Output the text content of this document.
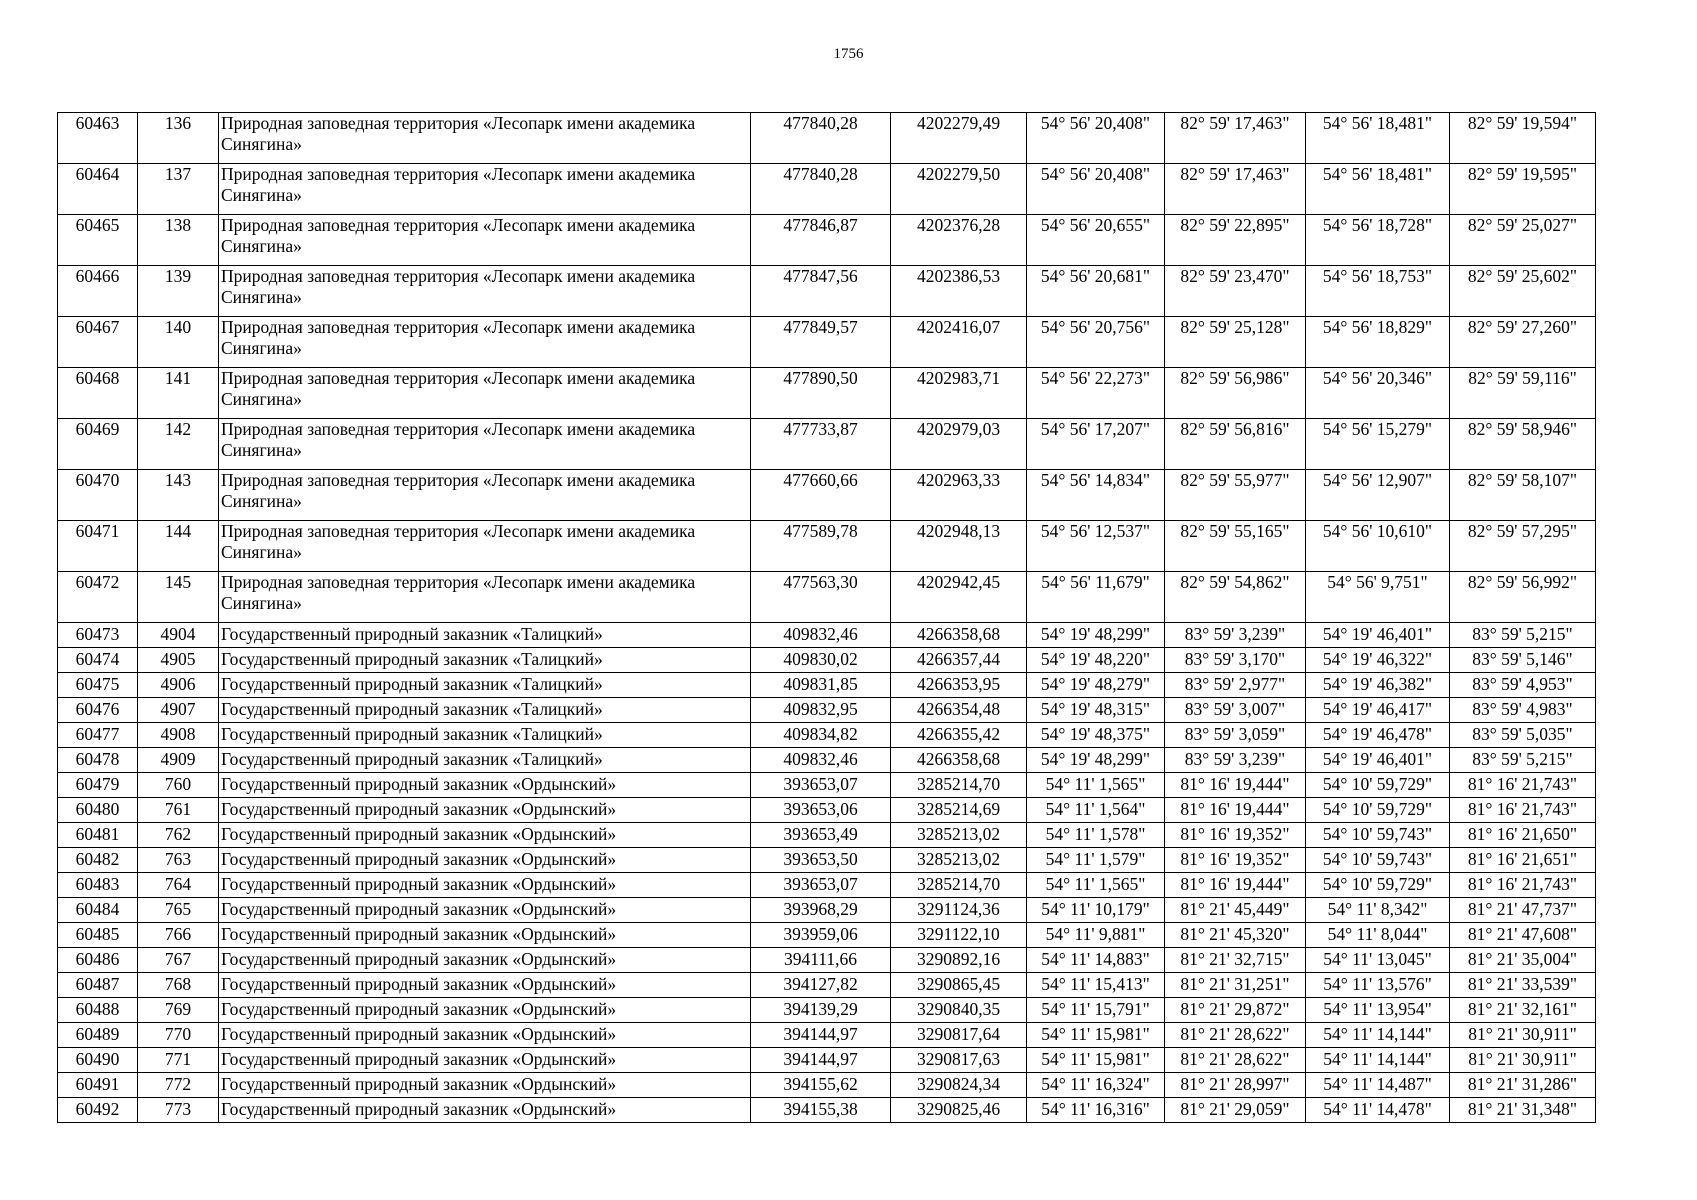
1756
60463	136	Природная заповедная территория «Лесопарк имени академика Синягина»	477840,28	4202279,49	54° 56' 20,408"	82° 59' 17,463"	54° 56' 18,481"	82° 59' 19,594"
60464	137	Природная заповедная территория «Лесопарк имени академика Синягина»	477840,28	4202279,50	54° 56' 20,408"	82° 59' 17,463"	54° 56' 18,481"	82° 59' 19,595"
60465	138	Природная заповедная территория «Лесопарк имени академика Синягина»	477846,87	4202376,28	54° 56' 20,655"	82° 59' 22,895"	54° 56' 18,728"	82° 59' 25,027"
60466	139	Природная заповедная территория «Лесопарк имени академика Синягина»	477847,56	4202386,53	54° 56' 20,681"	82° 59' 23,470"	54° 56' 18,753"	82° 59' 25,602"
60467	140	Природная заповедная территория «Лесопарк имени академика Синягина»	477849,57	4202416,07	54° 56' 20,756"	82° 59' 25,128"	54° 56' 18,829"	82° 59' 27,260"
60468	141	Природная заповедная территория «Лесопарк имени академика Синягина»	477890,50	4202983,71	54° 56' 22,273"	82° 59' 56,986"	54° 56' 20,346"	82° 59' 59,116"
60469	142	Природная заповедная территория «Лесопарк имени академика Синягина»	477733,87	4202979,03	54° 56' 17,207"	82° 59' 56,816"	54° 56' 15,279"	82° 59' 58,946"
60470	143	Природная заповедная территория «Лесопарк имени академика Синягина»	477660,66	4202963,33	54° 56' 14,834"	82° 59' 55,977"	54° 56' 12,907"	82° 59' 58,107"
60471	144	Природная заповедная территория «Лесопарк имени академика Синягина»	477589,78	4202948,13	54° 56' 12,537"	82° 59' 55,165"	54° 56' 10,610"	82° 59' 57,295"
60472	145	Природная заповедная территория «Лесопарк имени академика Синягина»	477563,30	4202942,45	54° 56' 11,679"	82° 59' 54,862"	54° 56' 9,751"	82° 59' 56,992"
60473	4904	Государственный природный заказник «Талицкий»	409832,46	4266358,68	54° 19' 48,299"	83° 59' 3,239"	54° 19' 46,401"	83° 59' 5,215"
60474	4905	Государственный природный заказник «Талицкий»	409830,02	4266357,44	54° 19' 48,220"	83° 59' 3,170"	54° 19' 46,322"	83° 59' 5,146"
60475	4906	Государственный природный заказник «Талицкий»	409831,85	4266353,95	54° 19' 48,279"	83° 59' 2,977"	54° 19' 46,382"	83° 59' 4,953"
60476	4907	Государственный природный заказник «Талицкий»	409832,95	4266354,48	54° 19' 48,315"	83° 59' 3,007"	54° 19' 46,417"	83° 59' 4,983"
60477	4908	Государственный природный заказник «Талицкий»	409834,82	4266355,42	54° 19' 48,375"	83° 59' 3,059"	54° 19' 46,478"	83° 59' 5,035"
60478	4909	Государственный природный заказник «Талицкий»	409832,46	4266358,68	54° 19' 48,299"	83° 59' 3,239"	54° 19' 46,401"	83° 59' 5,215"
60479	760	Государственный природный заказник «Ордынский»	393653,07	3285214,70	54° 11' 1,565"	81° 16' 19,444"	54° 10' 59,729"	81° 16' 21,743"
60480	761	Государственный природный заказник «Ордынский»	393653,06	3285214,69	54° 11' 1,564"	81° 16' 19,444"	54° 10' 59,729"	81° 16' 21,743"
60481	762	Государственный природный заказник «Ордынский»	393653,49	3285213,02	54° 11' 1,578"	81° 16' 19,352"	54° 10' 59,743"	81° 16' 21,650"
60482	763	Государственный природный заказник «Ордынский»	393653,50	3285213,02	54° 11' 1,579"	81° 16' 19,352"	54° 10' 59,743"	81° 16' 21,651"
60483	764	Государственный природный заказник «Ордынский»	393653,07	3285214,70	54° 11' 1,565"	81° 16' 19,444"	54° 10' 59,729"	81° 16' 21,743"
60484	765	Государственный природный заказник «Ордынский»	393968,29	3291124,36	54° 11' 10,179"	81° 21' 45,449"	54° 11' 8,342"	81° 21' 47,737"
60485	766	Государственный природный заказник «Ордынский»	393959,06	3291122,10	54° 11' 9,881"	81° 21' 45,320"	54° 11' 8,044"	81° 21' 47,608"
60486	767	Государственный природный заказник «Ордынский»	394111,66	3290892,16	54° 11' 14,883"	81° 21' 32,715"	54° 11' 13,045"	81° 21' 35,004"
60487	768	Государственный природный заказник «Ордынский»	394127,82	3290865,45	54° 11' 15,413"	81° 21' 31,251"	54° 11' 13,576"	81° 21' 33,539"
60488	769	Государственный природный заказник «Ордынский»	394139,29	3290840,35	54° 11' 15,791"	81° 21' 29,872"	54° 11' 13,954"	81° 21' 32,161"
60489	770	Государственный природный заказник «Ордынский»	394144,97	3290817,64	54° 11' 15,981"	81° 21' 28,622"	54° 11' 14,144"	81° 21' 30,911"
60490	771	Государственный природный заказник «Ордынский»	394144,97	3290817,63	54° 11' 15,981"	81° 21' 28,622"	54° 11' 14,144"	81° 21' 30,911"
60491	772	Государственный природный заказник «Ордынский»	394155,62	3290824,34	54° 11' 16,324"	81° 21' 28,997"	54° 11' 14,487"	81° 21' 31,286"
60492	773	Государственный природный заказник «Ордынский»	394155,38	3290825,46	54° 11' 16,316"	81° 21' 29,059"	54° 11' 14,478"	81° 21' 31,348"
